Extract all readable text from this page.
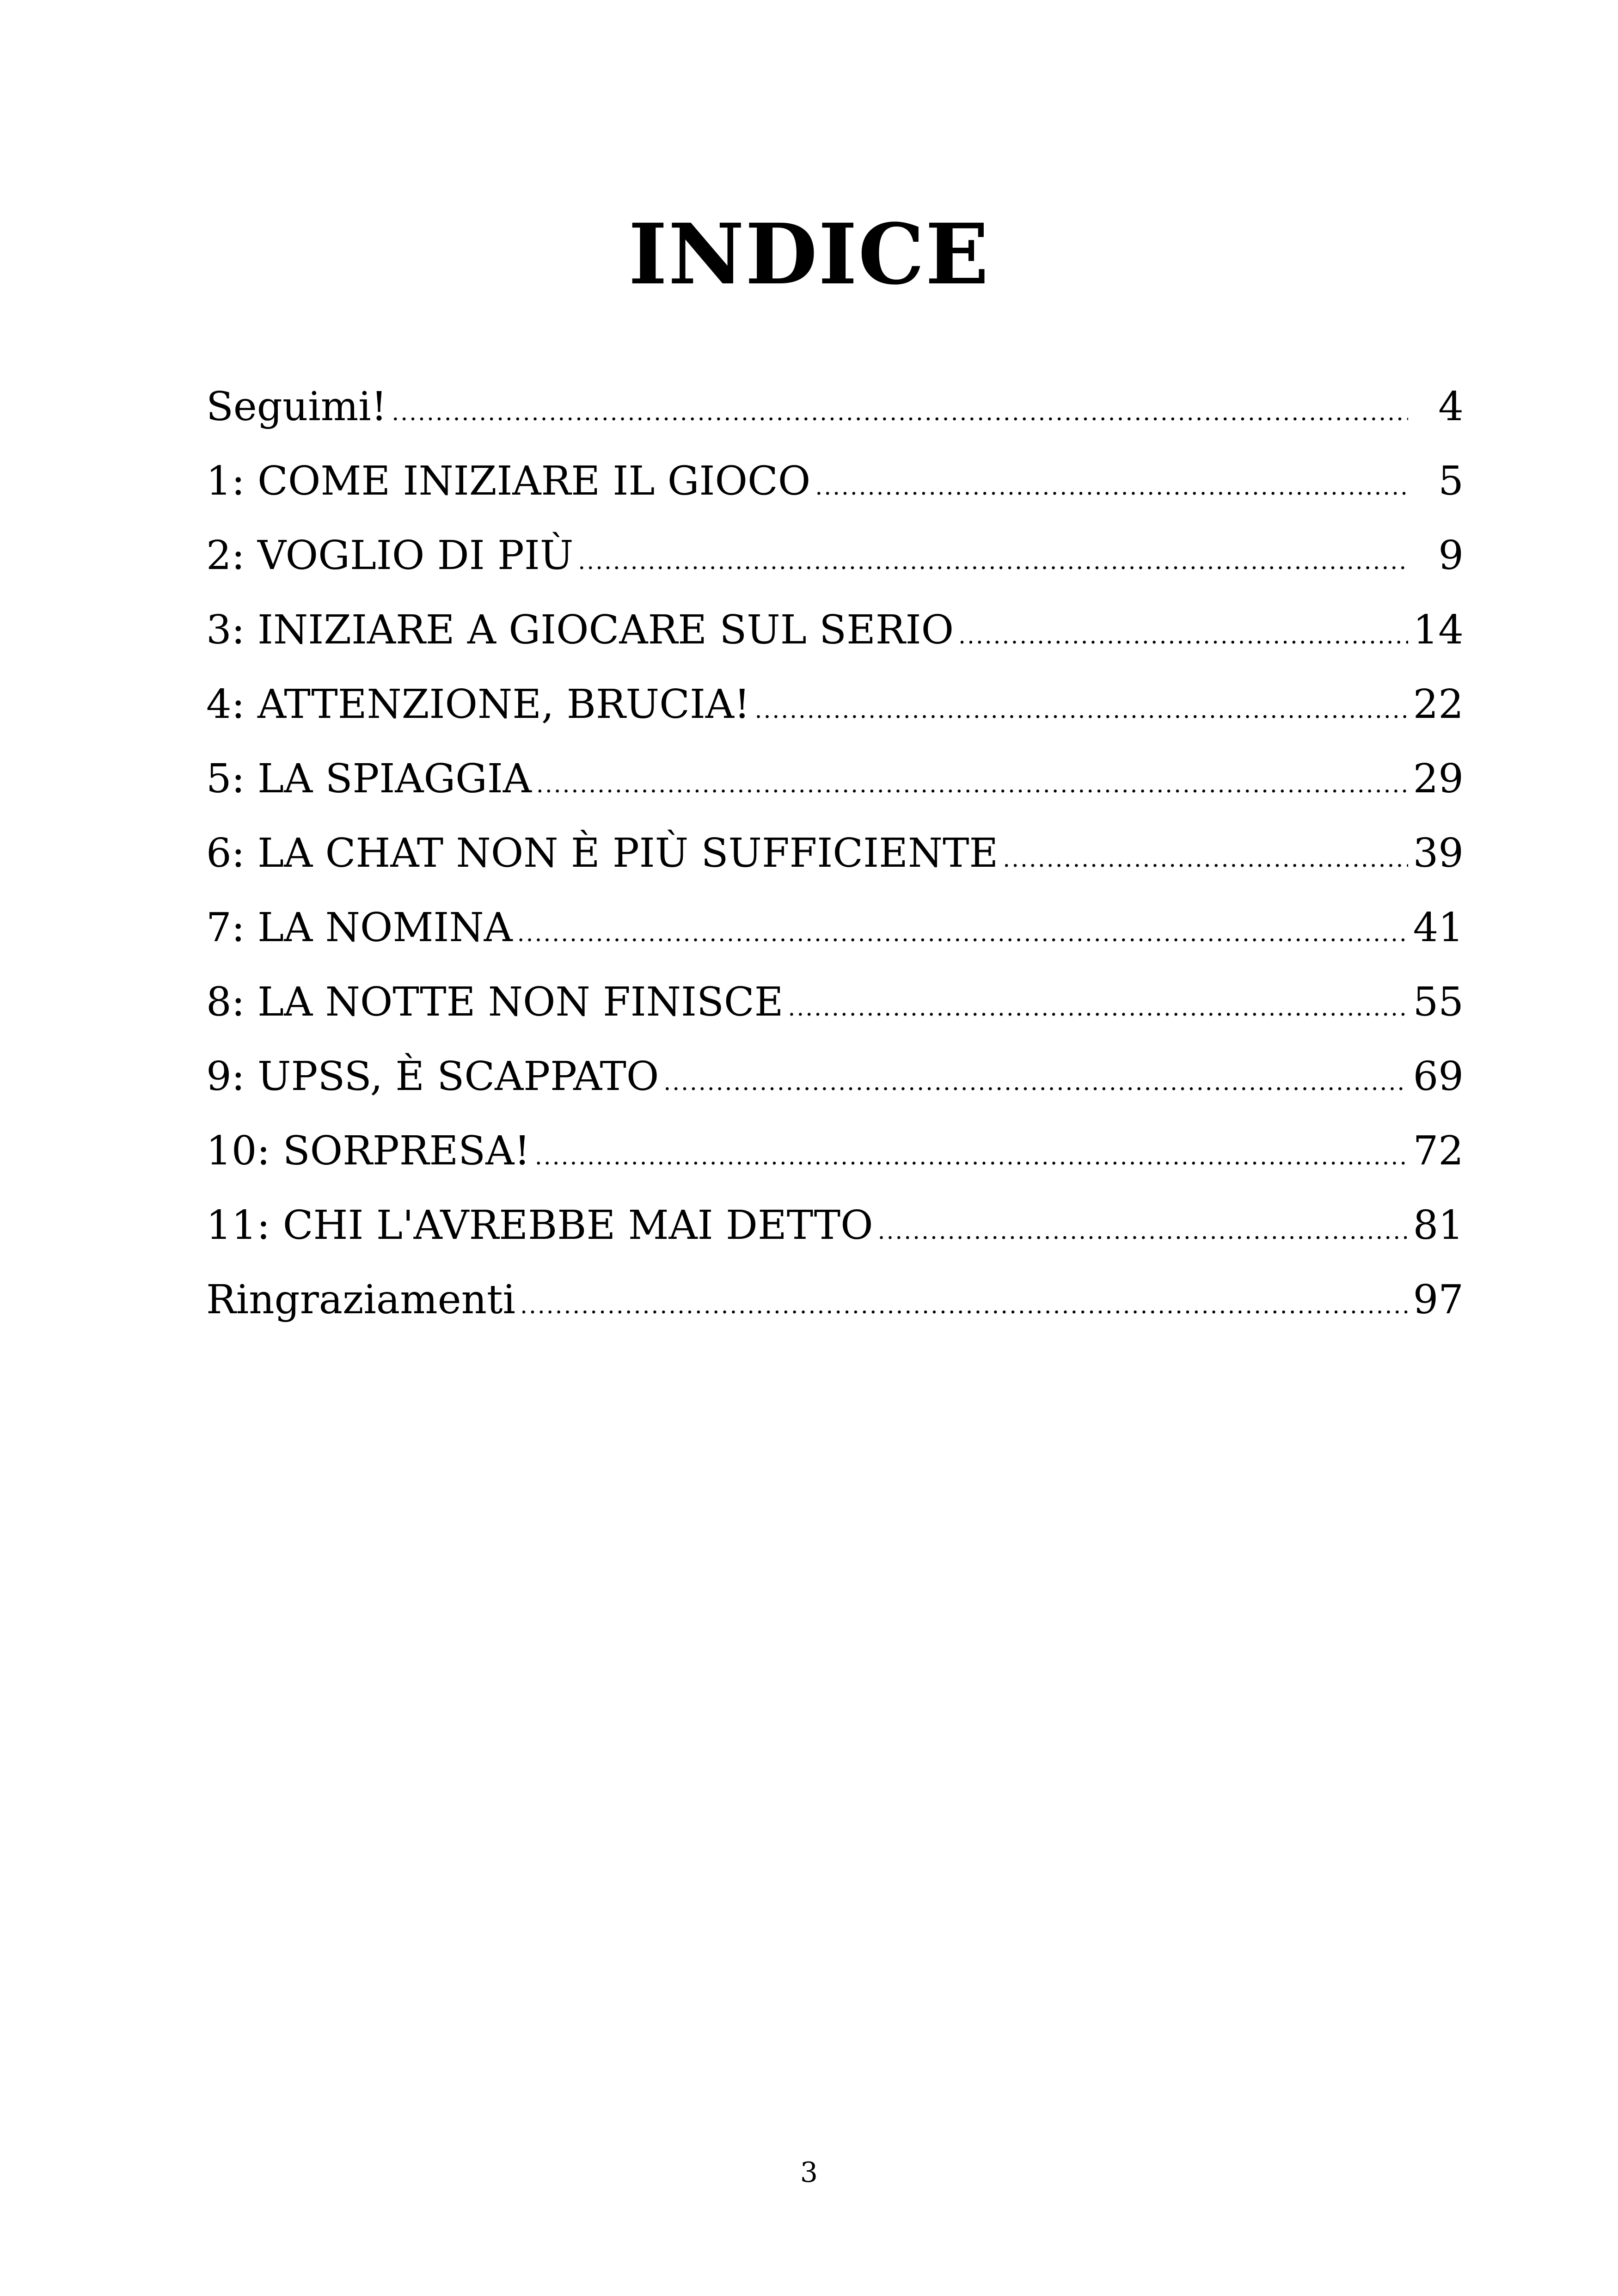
INDICE
Seguimi! .....	4
1: COME INIZIARE IL GIOCO .....	5
2: VOGLIO DI PIÙ .....	9
3: INIZIARE A GIOCARE SUL SERIO .....	14
4: ATTENZIONE, BRUCIA! .....	22
5: LA SPIAGGIA .....	29
6: LA CHAT NON È PIÙ SUFFICIENTE .....	39
7: LA NOMINA .....	41
8: LA NOTTE NON FINISCE .....	55
9: UPSS, È SCAPPATO .....	69
10: SORPRESA! .....	72
11: CHI L'AVREBBE MAI DETTO .....	81
Ringraziamenti .....	97
3
